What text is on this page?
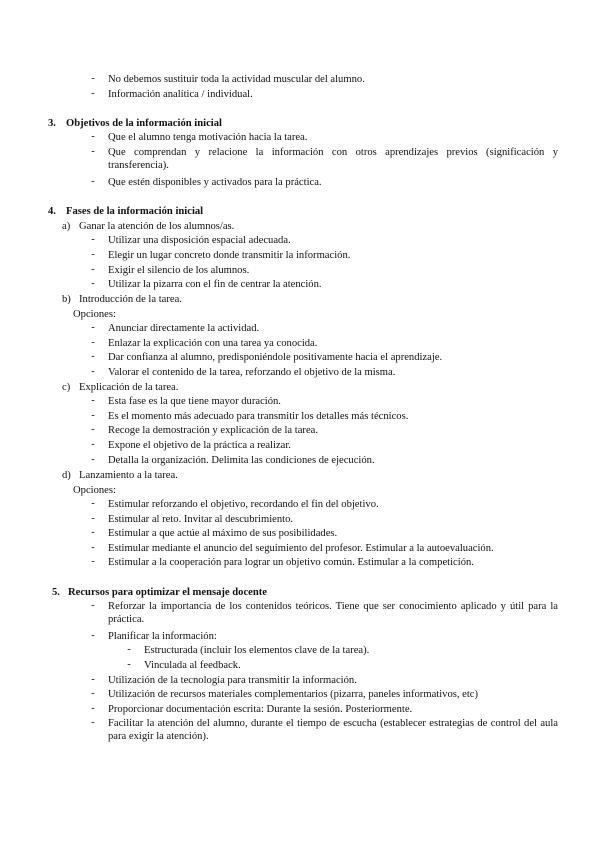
- No debemos sustituir toda la actividad muscular del alumno.
- Información analítica / individual.
3. Objetivos de la información inicial
- Que el alumno tenga motivación hacia la tarea.
- Que comprendan y relacione la información con otros aprendizajes previos (significación y transferencia).
- Que estén disponibles y activados para la práctica.
4. Fases de la información inicial
a) Ganar la atención de los alumnos/as.
- Utilizar una disposición espacial adecuada.
- Elegir un lugar concreto donde transmitir la información.
- Exigir el silencio de los alumnos.
- Utilizar la pizarra con el fin de centrar la atención.
b) Introducción de la tarea.
Opciones:
- Anunciar directamente la actividad.
- Enlazar la explicación con una tarea ya conocida.
- Dar confianza al alumno, predisponiéndole positivamente hacia el aprendizaje.
- Valorar el contenido de la tarea, reforzando el objetivo de la misma.
c) Explicación de la tarea.
- Esta fase es la que tiene mayor duración.
- Es el momento más adecuado para transmitir los detalles más técnicos.
- Recoge la demostración y explicación de la tarea.
- Expone el objetivo de la práctica a realizar.
- Detalla la organización. Delimita las condiciones de ejecución.
d) Lanzamiento a la tarea.
Opciones:
- Estimular reforzando el objetivo, recordando el fin del objetivo.
- Estimular al reto. Invitar al descubrimiento.
- Estimular a que actúe al máximo de sus posibilidades.
- Estimular mediante el anuncio del seguimiento del profesor. Estimular a la autoevaluación.
- Estimular a la cooperación para lograr un objetivo común. Estimular a la competición.
5. Recursos para optimizar el mensaje docente
- Reforzar la importancia de los contenidos teóricos. Tiene que ser conocimiento aplicado y útil para la práctica.
- Planificar la información:
- Estructurada (incluir los elementos clave de la tarea).
- Vinculada al feedback.
- Utilización de la tecnología para transmitir la información.
- Utilización de recursos materiales complementarios (pizarra, paneles informativos, etc)
- Proporcionar documentación escrita: Durante la sesión. Posteriormente.
- Facilitar la atención del alumno, durante el tiempo de escucha (establecer estrategias de control del aula para exigir la atención).
